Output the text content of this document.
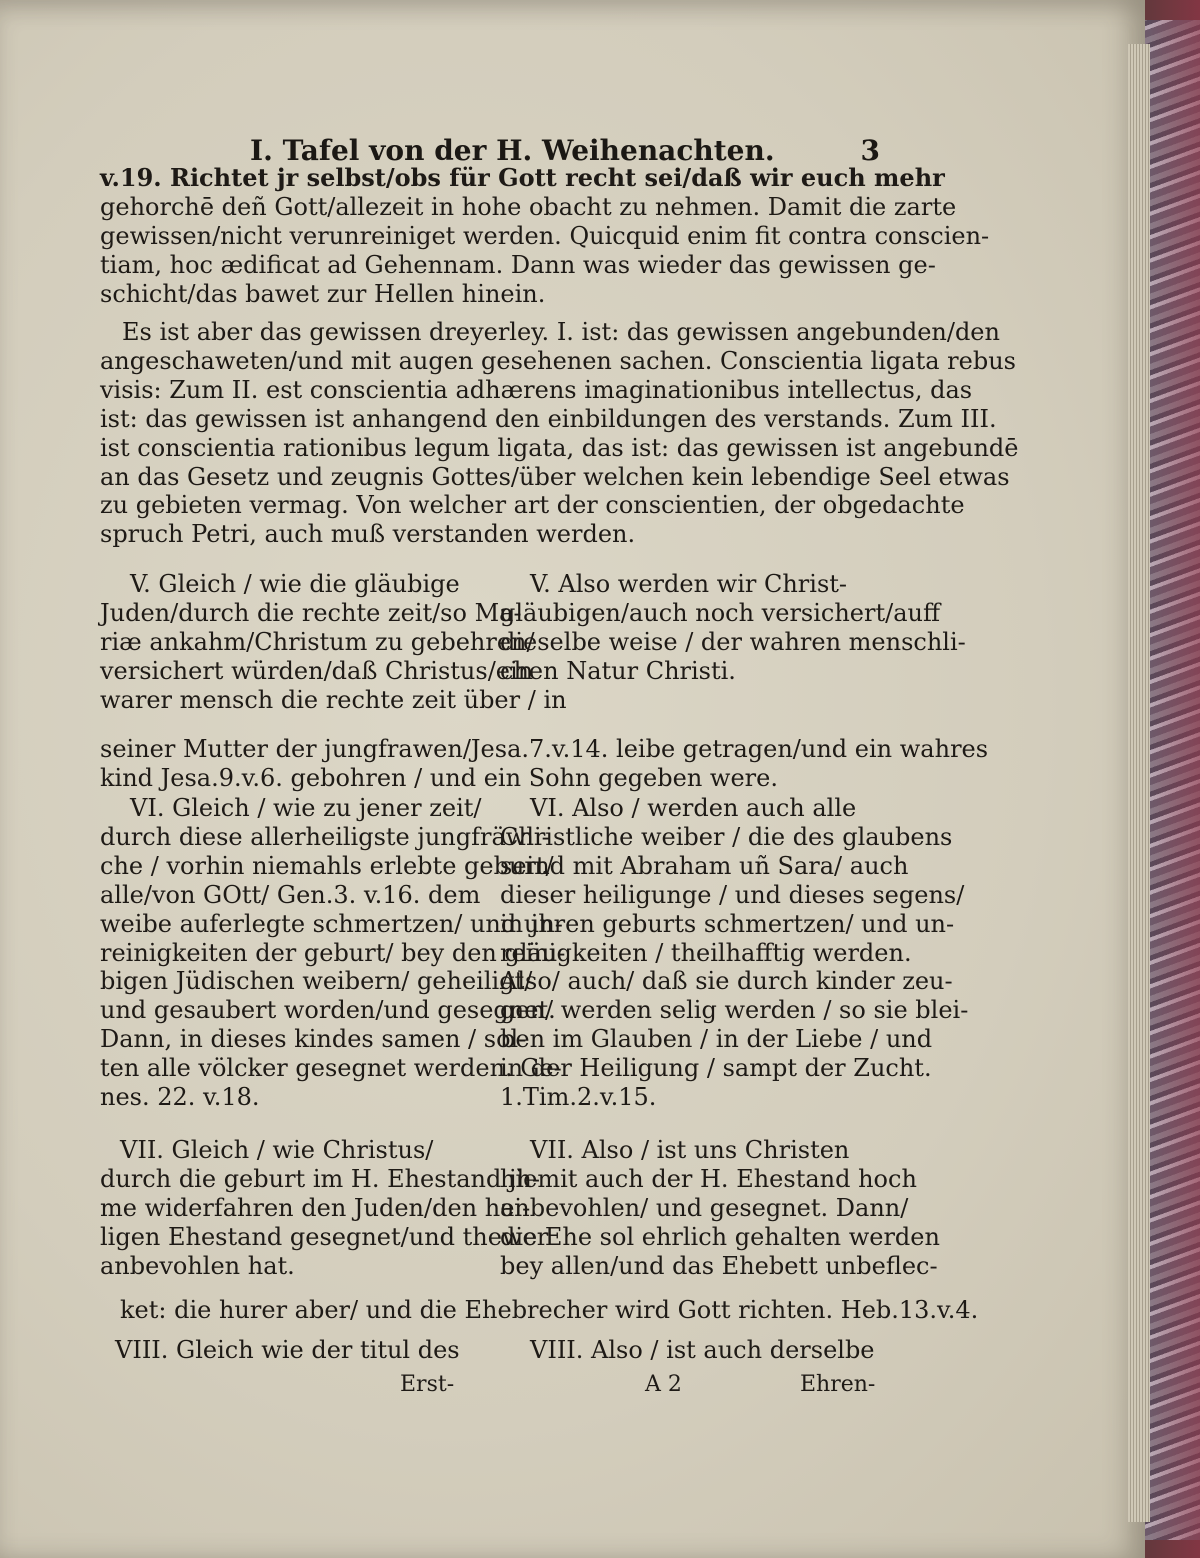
I. Tafel von der H. Weihenachten.	3
v.19. Richtet jr selbst/obs für Gott recht sei/daß wir euch mehr
gehorchē deñ Gott/allezeit in hohe obacht zu nehmen. Damit die zarte
gewissen/nicht verunreiniget werden. Quicquid enim fit contra conscien-
tiam, hoc ædificat ad Gehennam. Dann was wieder das gewissen ge-
schicht/das bawet zur Hellen hinein.
Es ist aber das gewissen dreyerley. I. ist: das gewissen angebunden/den
angeschaweten/und mit augen gesehenen sachen. Conscientia ligata rebus
visis: Zum II. est conscientia adhærens imaginationibus intellectus, das
ist: das gewissen ist anhangend den einbildungen des verstands. Zum III.
ist conscientia rationibus legum ligata, das ist: das gewissen ist angebundē
an das Gesetz und zeugnis Gottes/über welchen kein lebendige Seel etwas
zu gebieten vermag. Von welcher art der conscientien, der obgedachte
spruch Petri, auch muß verstanden werden.
V. Gleich / wie die gläubige
Juden/durch die rechte zeit/so Ma-
riæ ankahm/Christum zu gebehren/
versichert würden/daß Christus/ein
warer mensch die rechte zeit über / in
V. Also werden wir Christ-
gläubigen/auch noch versichert/auff
dieselbe weise / der wahren menschli-
chen Natur Christi.
seiner Mutter der jungfrawen/Jesa.7.v.14. leibe getragen/und ein wahres
kind Jesa.9.v.6. gebohren / und ein Sohn gegeben were.
VI. Gleich / wie zu jener zeit/
durch diese allerheiligste jungfräwli-
che / vorhin niemahls erlebte geburt/
alle/von GOtt/ Gen.3. v.16. dem
weibe auferlegte schmertzen/ und un-
reinigkeiten der geburt/ bey den gläu-
bigen Jüdischen weibern/ geheiligt/
und gesaubert worden/und gesegnet.
Dann, in dieses kindes samen / sol-
ten alle völcker gesegnet werden. Ge-
nes. 22. v.18.
VI. Also / werden auch alle
Christliche weiber / die des glaubens
seind mit Abraham uñ Sara/ auch
dieser heiligunge / und dieses segens/
in jhren geburts schmertzen/ und un-
reinigkeiten / theilhafftig werden.
Also/ auch/ daß sie durch kinder zeu-
gen/ werden selig werden / so sie blei-
ben im Glauben / in der Liebe / und
in der Heiligung / sampt der Zucht.
1.Tim.2.v.15.
VII. Gleich / wie Christus/
durch die geburt im H. Ehestand jh-
me widerfahren den Juden/den hei-
ligen Ehestand gesegnet/und thewer
anbevohlen hat.
VII. Also / ist uns Christen
hiemit auch der H. Ehestand hoch
anbevohlen/ und gesegnet. Dann/
die Ehe sol ehrlich gehalten werden
bey allen/und das Ehebett unbeflec-
ket: die hurer aber/ und die Ehebrecher wird Gott richten. Heb.13.v.4.
VIII. Gleich wie der titul des	VIII. Also / ist auch derselbe
Erst-	A 2	Ehren-
